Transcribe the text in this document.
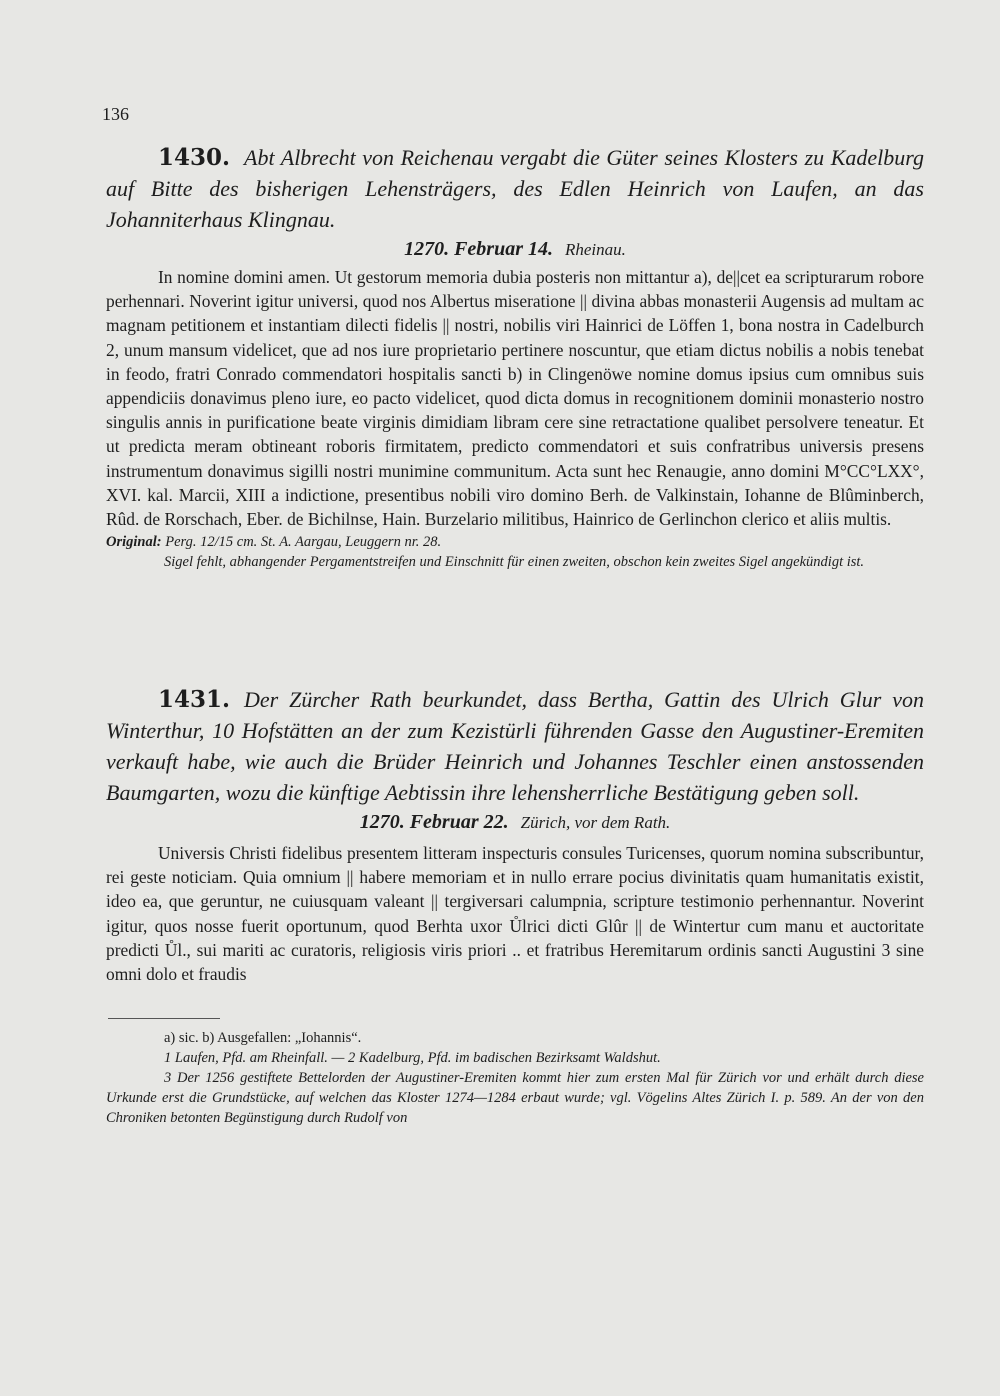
136

1430. Abt Albrecht von Reichenau vergabt die Güter seines Klosters zu Kadelburg auf Bitte des bisherigen Lehensträgers, des Edlen Heinrich von Laufen, an das Johanniterhaus Klingnau.

1270. Februar 14. Rheinau.

In nomine domini amen. Ut gestorum memoria dubia posteris non mittantur a), de||cet ea scripturarum robore perhennari. Noverint igitur universi, quod nos Albertus miseratione || divina abbas monasterii Augensis ad multam ac magnam petitionem et instantiam dilecti fidelis || nostri, nobilis viri Hainrici de Löffen 1, bona nostra in Cadelburch 2, unum mansum videlicet, que ad nos iure proprietario pertinere noscuntur, que etiam dictus nobilis a nobis tenebat in feodo, fratri Conrado commendatori hospitalis sancti b) in Clingenöwe nomine domus ipsius cum omnibus suis appendiciis donavimus pleno iure, eo pacto videlicet, quod dicta domus in recognitionem dominii monasterio nostro singulis annis in purificatione beate virginis dimidiam libram cere sine retractatione qualibet persolvere teneatur. Et ut predicta meram obtineant roboris firmitatem, predicto commendatori et suis confratribus universis presens instrumentum donavimus sigilli nostri munimine communitum. Acta sunt hec Renaugie, anno domini M°CC°LXX°, XVI. kal. Marcii, XIII a indictione, presentibus nobili viro domino Berh. de Valkinstain, Iohanne de Blûminberch, Rûd. de Rorschach, Eber. de Bichilnse, Hain. Burzelario militibus, Hainrico de Gerlinchon clerico et aliis multis.

Original: Perg. 12/15 cm. St. A. Aargau, Leuggern nr. 28.

Sigel fehlt, abhangender Pergamentstreifen und Einschnitt für einen zweiten, obschon kein zweites Sigel angekündigt ist.

1431. Der Zürcher Rath beurkundet, dass Bertha, Gattin des Ulrich Glur von Winterthur, 10 Hofstätten an der zum Kezistürli führenden Gasse den Augustiner-Eremiten verkauft habe, wie auch die Brüder Heinrich und Johannes Teschler einen anstossenden Baumgarten, wozu die künftige Aebtissin ihre lehensherrliche Bestätigung geben soll.

1270. Februar 22. Zürich, vor dem Rath.

Universis Christi fidelibus presentem litteram inspecturis consules Turicenses, quorum nomina subscribuntur, rei geste noticiam. Quia omnium || habere memoriam et in nullo errare pocius divinitatis quam humanitatis existit, ideo ea, que geruntur, ne cuiusquam valeant || tergiversari calumpnia, scripture testimonio perhennantur. Noverint igitur, quos nosse fuerit oportunum, quod Berhta uxor Ůlrici dicti Glûr || de Wintertur cum manu et auctoritate predicti Ůl., sui mariti ac curatoris, religiosis viris priori .. et fratribus Heremitarum ordinis sancti Augustini 3 sine omni dolo et fraudis

a) sic. b) Ausgefallen: „Iohannis“.

1 Laufen, Pfd. am Rheinfall. — 2 Kadelburg, Pfd. im badischen Bezirksamt Waldshut.

3 Der 1256 gestiftete Bettelorden der Augustiner-Eremiten kommt hier zum ersten Mal für Zürich vor und erhält durch diese Urkunde erst die Grundstücke, auf welchen das Kloster 1274—1284 erbaut wurde; vgl. Vögelins Altes Zürich I. p. 589. An der von den Chroniken betonten Begünstigung durch Rudolf von
